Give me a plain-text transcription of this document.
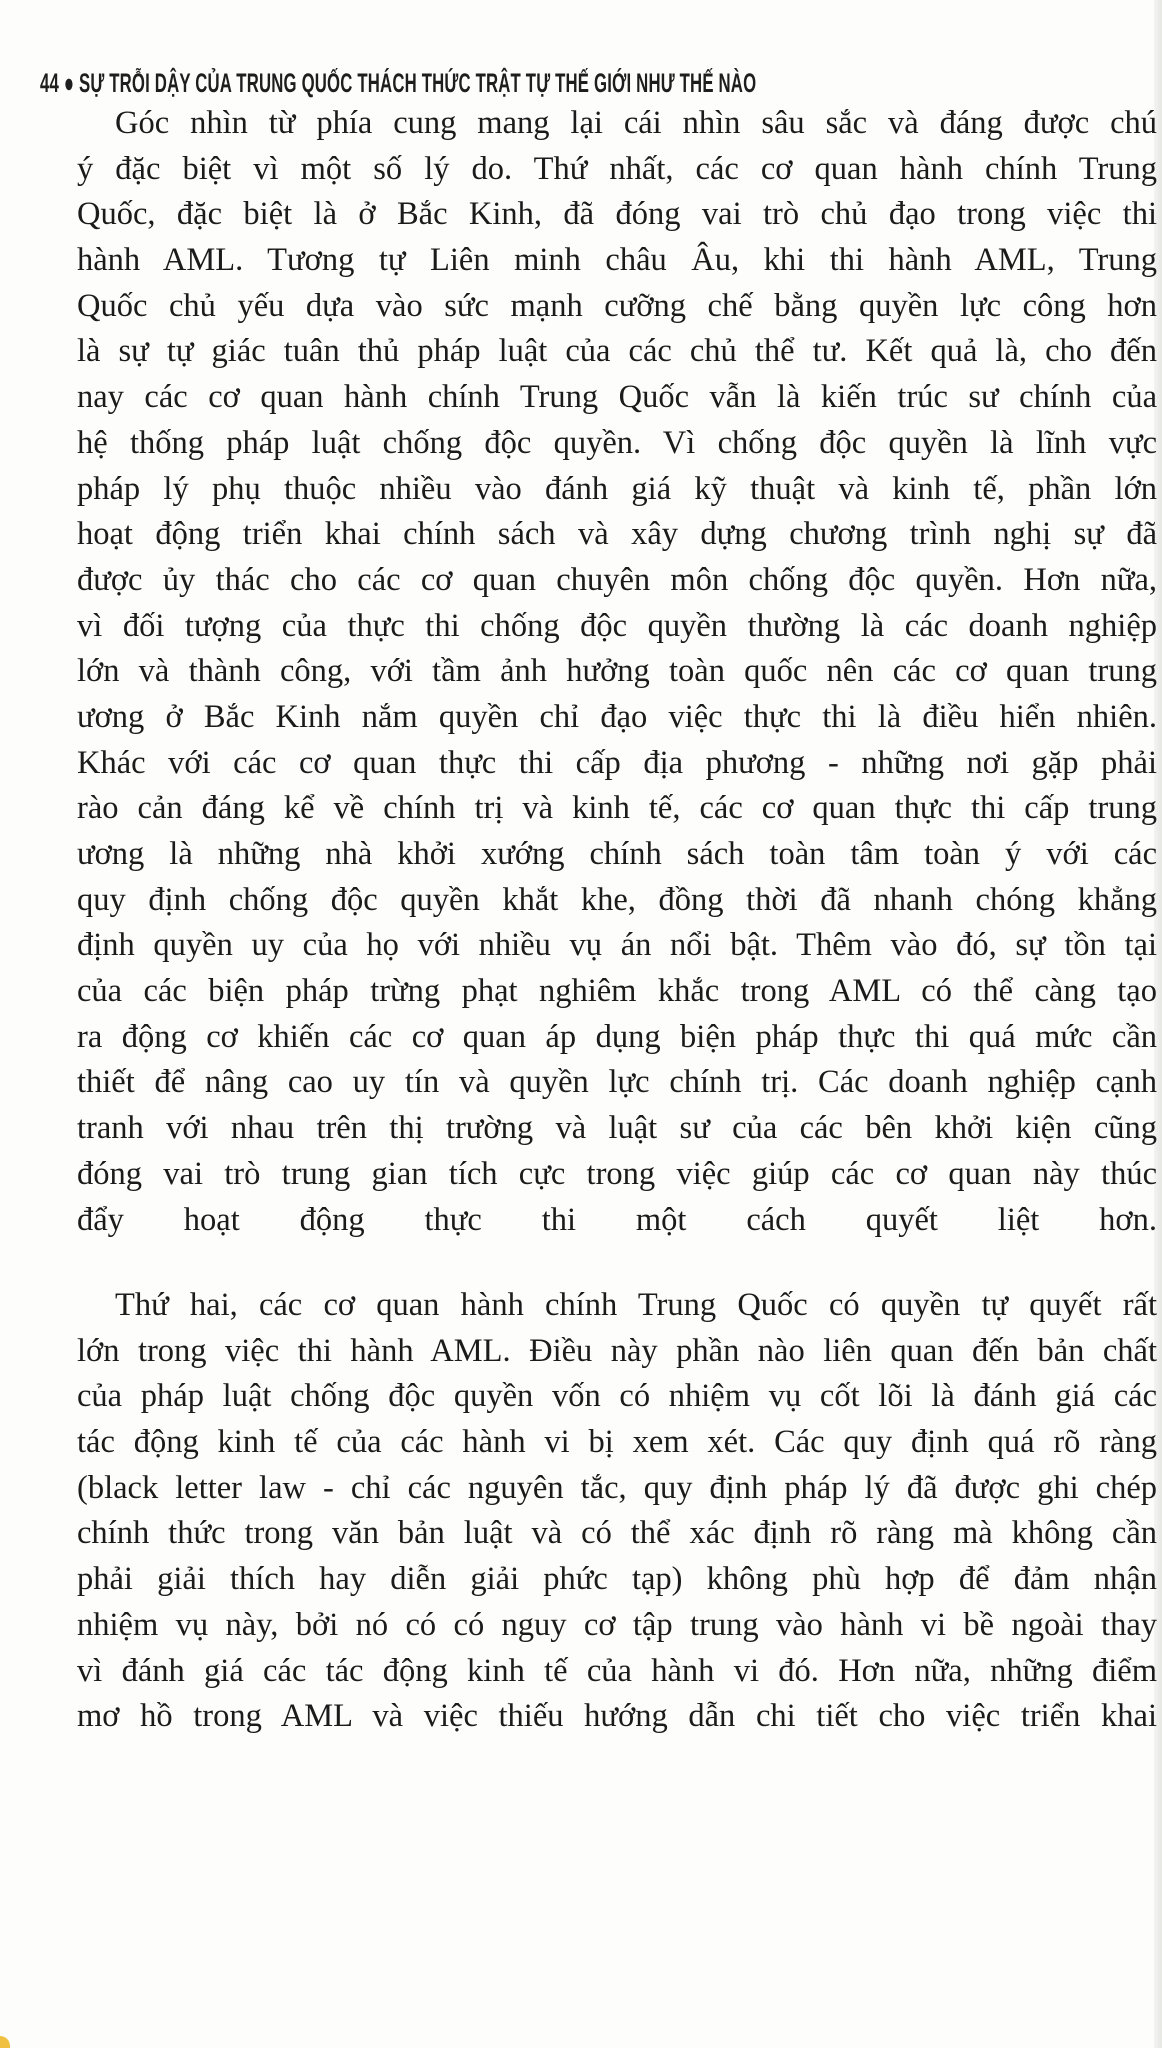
44 ● SỰ TRỖI DẬY CỦA TRUNG QUỐC THÁCH THỨC TRẬT TỰ THẾ GIỚI NHƯ THẾ NÀO
Góc nhìn từ phía cung mang lại cái nhìn sâu sắc và đáng được chú
ý đặc biệt vì một số lý do. Thứ nhất, các cơ quan hành chính Trung
Quốc, đặc biệt là ở Bắc Kinh, đã đóng vai trò chủ đạo trong việc thi
hành AML. Tương tự Liên minh châu Âu, khi thi hành AML, Trung
Quốc chủ yếu dựa vào sức mạnh cưỡng chế bằng quyền lực công hơn
là sự tự giác tuân thủ pháp luật của các chủ thể tư. Kết quả là, cho đến
nay các cơ quan hành chính Trung Quốc vẫn là kiến trúc sư chính của
hệ thống pháp luật chống độc quyền. Vì chống độc quyền là lĩnh vực
pháp lý phụ thuộc nhiều vào đánh giá kỹ thuật và kinh tế, phần lớn
hoạt động triển khai chính sách và xây dựng chương trình nghị sự đã
được ủy thác cho các cơ quan chuyên môn chống độc quyền. Hơn nữa,
vì đối tượng của thực thi chống độc quyền thường là các doanh nghiệp
lớn và thành công, với tầm ảnh hưởng toàn quốc nên các cơ quan trung
ương ở Bắc Kinh nắm quyền chỉ đạo việc thực thi là điều hiển nhiên.
Khác với các cơ quan thực thi cấp địa phương - những nơi gặp phải
rào cản đáng kể về chính trị và kinh tế, các cơ quan thực thi cấp trung
ương là những nhà khởi xướng chính sách toàn tâm toàn ý với các
quy định chống độc quyền khắt khe, đồng thời đã nhanh chóng khẳng
định quyền uy của họ với nhiều vụ án nổi bật. Thêm vào đó, sự tồn tại
của các biện pháp trừng phạt nghiêm khắc trong AML có thể càng tạo
ra động cơ khiến các cơ quan áp dụng biện pháp thực thi quá mức cần
thiết để nâng cao uy tín và quyền lực chính trị. Các doanh nghiệp cạnh
tranh với nhau trên thị trường và luật sư của các bên khởi kiện cũng
đóng vai trò trung gian tích cực trong việc giúp các cơ quan này thúc
đẩy hoạt động thực thi một cách quyết liệt hơn.
Thứ hai, các cơ quan hành chính Trung Quốc có quyền tự quyết rất
lớn trong việc thi hành AML. Điều này phần nào liên quan đến bản chất
của pháp luật chống độc quyền vốn có nhiệm vụ cốt lõi là đánh giá các
tác động kinh tế của các hành vi bị xem xét. Các quy định quá rõ ràng
(black letter law - chỉ các nguyên tắc, quy định pháp lý đã được ghi chép
chính thức trong văn bản luật và có thể xác định rõ ràng mà không cần
phải giải thích hay diễn giải phức tạp) không phù hợp để đảm nhận
nhiệm vụ này, bởi nó có có nguy cơ tập trung vào hành vi bề ngoài thay
vì đánh giá các tác động kinh tế của hành vi đó. Hơn nữa, những điểm
mơ hồ trong AML và việc thiếu hướng dẫn chi tiết cho việc triển khai
